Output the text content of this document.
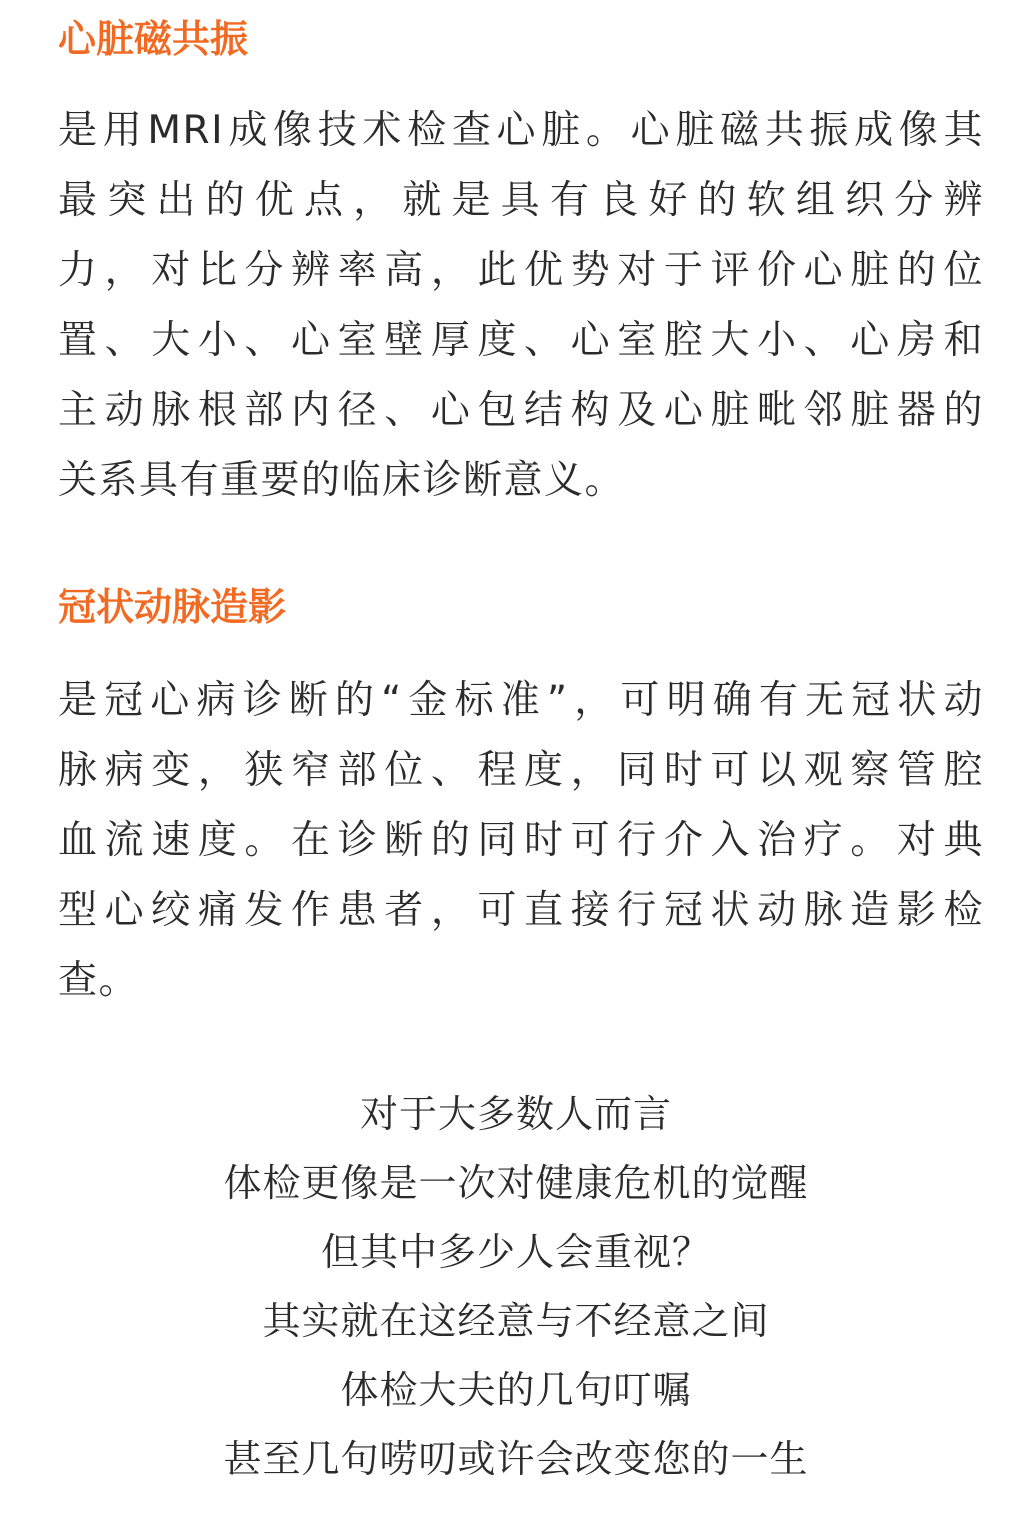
心脏磁共振
是用MRI成像技术检查心脏。心脏磁共振成像其
最突出的优点，就是具有良好的软组织分辨
力，对比分辨率高，此优势对于评价心脏的位
置、大小、心室壁厚度、心室腔大小、心房和
主动脉根部内径、心包结构及心脏毗邻脏器的
关系具有重要的临床诊断意义。
冠状动脉造影
是冠心病诊断的“金标准”，可明确有无冠状动
脉病变，狭窄部位、程度，同时可以观察管腔
血流速度。在诊断的同时可行介入治疗。对典
型心绞痛发作患者，可直接行冠状动脉造影检
查。
对于大多数人而言
体检更像是一次对健康危机的觉醒
但其中多少人会重视？
其实就在这经意与不经意之间
体检大夫的几句叮嘱
甚至几句唠叨或许会改变您的一生
